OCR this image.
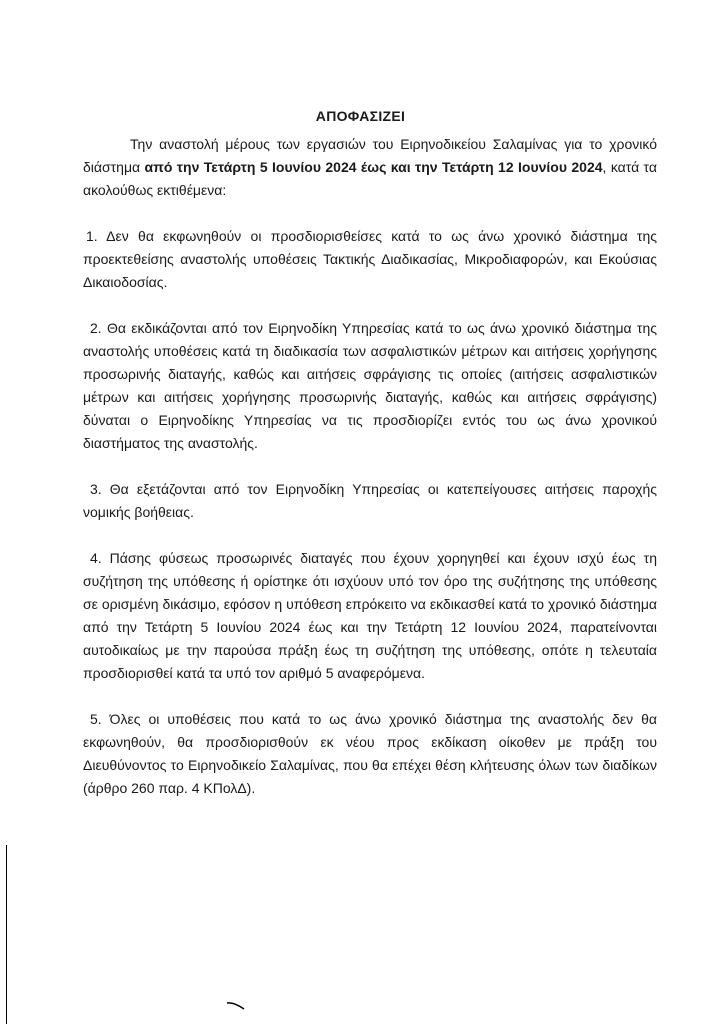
ΑΠΟΦΑΣΙΖΕΙ

Την αναστολή μέρους των εργασιών του Ειρηνοδικείου Σαλαμίνας για το χρονικό διάστημα από την Τετάρτη 5 Ιουνίου 2024 έως και την Τετάρτη 12 Ιουνίου 2024, κατά τα ακολούθως εκτιθέμενα:

1. Δεν θα εκφωνηθούν οι προσδιορισθείσες κατά το ως άνω χρονικό διάστημα της προεκτεθείσης αναστολής υποθέσεις Τακτικής Διαδικασίας, Μικροδιαφορών, και Εκούσιας Δικαιοδοσίας.

2. Θα εκδικάζονται από τον Ειρηνοδίκη Υπηρεσίας κατά το ως άνω χρονικό διάστημα της αναστολής υποθέσεις κατά τη διαδικασία των ασφαλιστικών μέτρων και αιτήσεις χορήγησης προσωρινής διαταγής, καθώς και αιτήσεις σφράγισης τις οποίες (αιτήσεις ασφαλιστικών μέτρων και αιτήσεις χορήγησης προσωρινής διαταγής, καθώς και αιτήσεις σφράγισης) δύναται ο Ειρηνοδίκης Υπηρεσίας να τις προσδιορίζει εντός του ως άνω χρονικού διαστήματος της αναστολής.

3. Θα εξετάζονται από τον Ειρηνοδίκη Υπηρεσίας οι κατεπείγουσες αιτήσεις παροχής νομικής βοήθειας.

4. Πάσης φύσεως προσωρινές διαταγές που έχουν χορηγηθεί και έχουν ισχύ έως τη συζήτηση της υπόθεσης ή ορίστηκε ότι ισχύουν υπό τον όρο της συζήτησης της υπόθεσης σε ορισμένη δικάσιμο, εφόσον η υπόθεση επρόκειτο να εκδικασθεί κατά το χρονικό διάστημα από την Τετάρτη 5 Ιουνίου 2024 έως και την Τετάρτη 12 Ιουνίου 2024, παρατείνονται αυτοδικαίως με την παρούσα πράξη έως τη συζήτηση της υπόθεσης, οπότε η τελευταία προσδιορισθεί κατά τα υπό τον αριθμό 5 αναφερόμενα.

5. Όλες οι υποθέσεις που κατά το ως άνω χρονικό διάστημα της αναστολής δεν θα εκφωνηθούν, θα προσδιορισθούν εκ νέου προς εκδίκαση οίκοθεν με πράξη του Διευθύνοντος το Ειρηνοδικείο Σαλαμίνας, που θα επέχει θέση κλήτευσης όλων των διαδίκων (άρθρο 260 παρ. 4 ΚΠολΔ).
